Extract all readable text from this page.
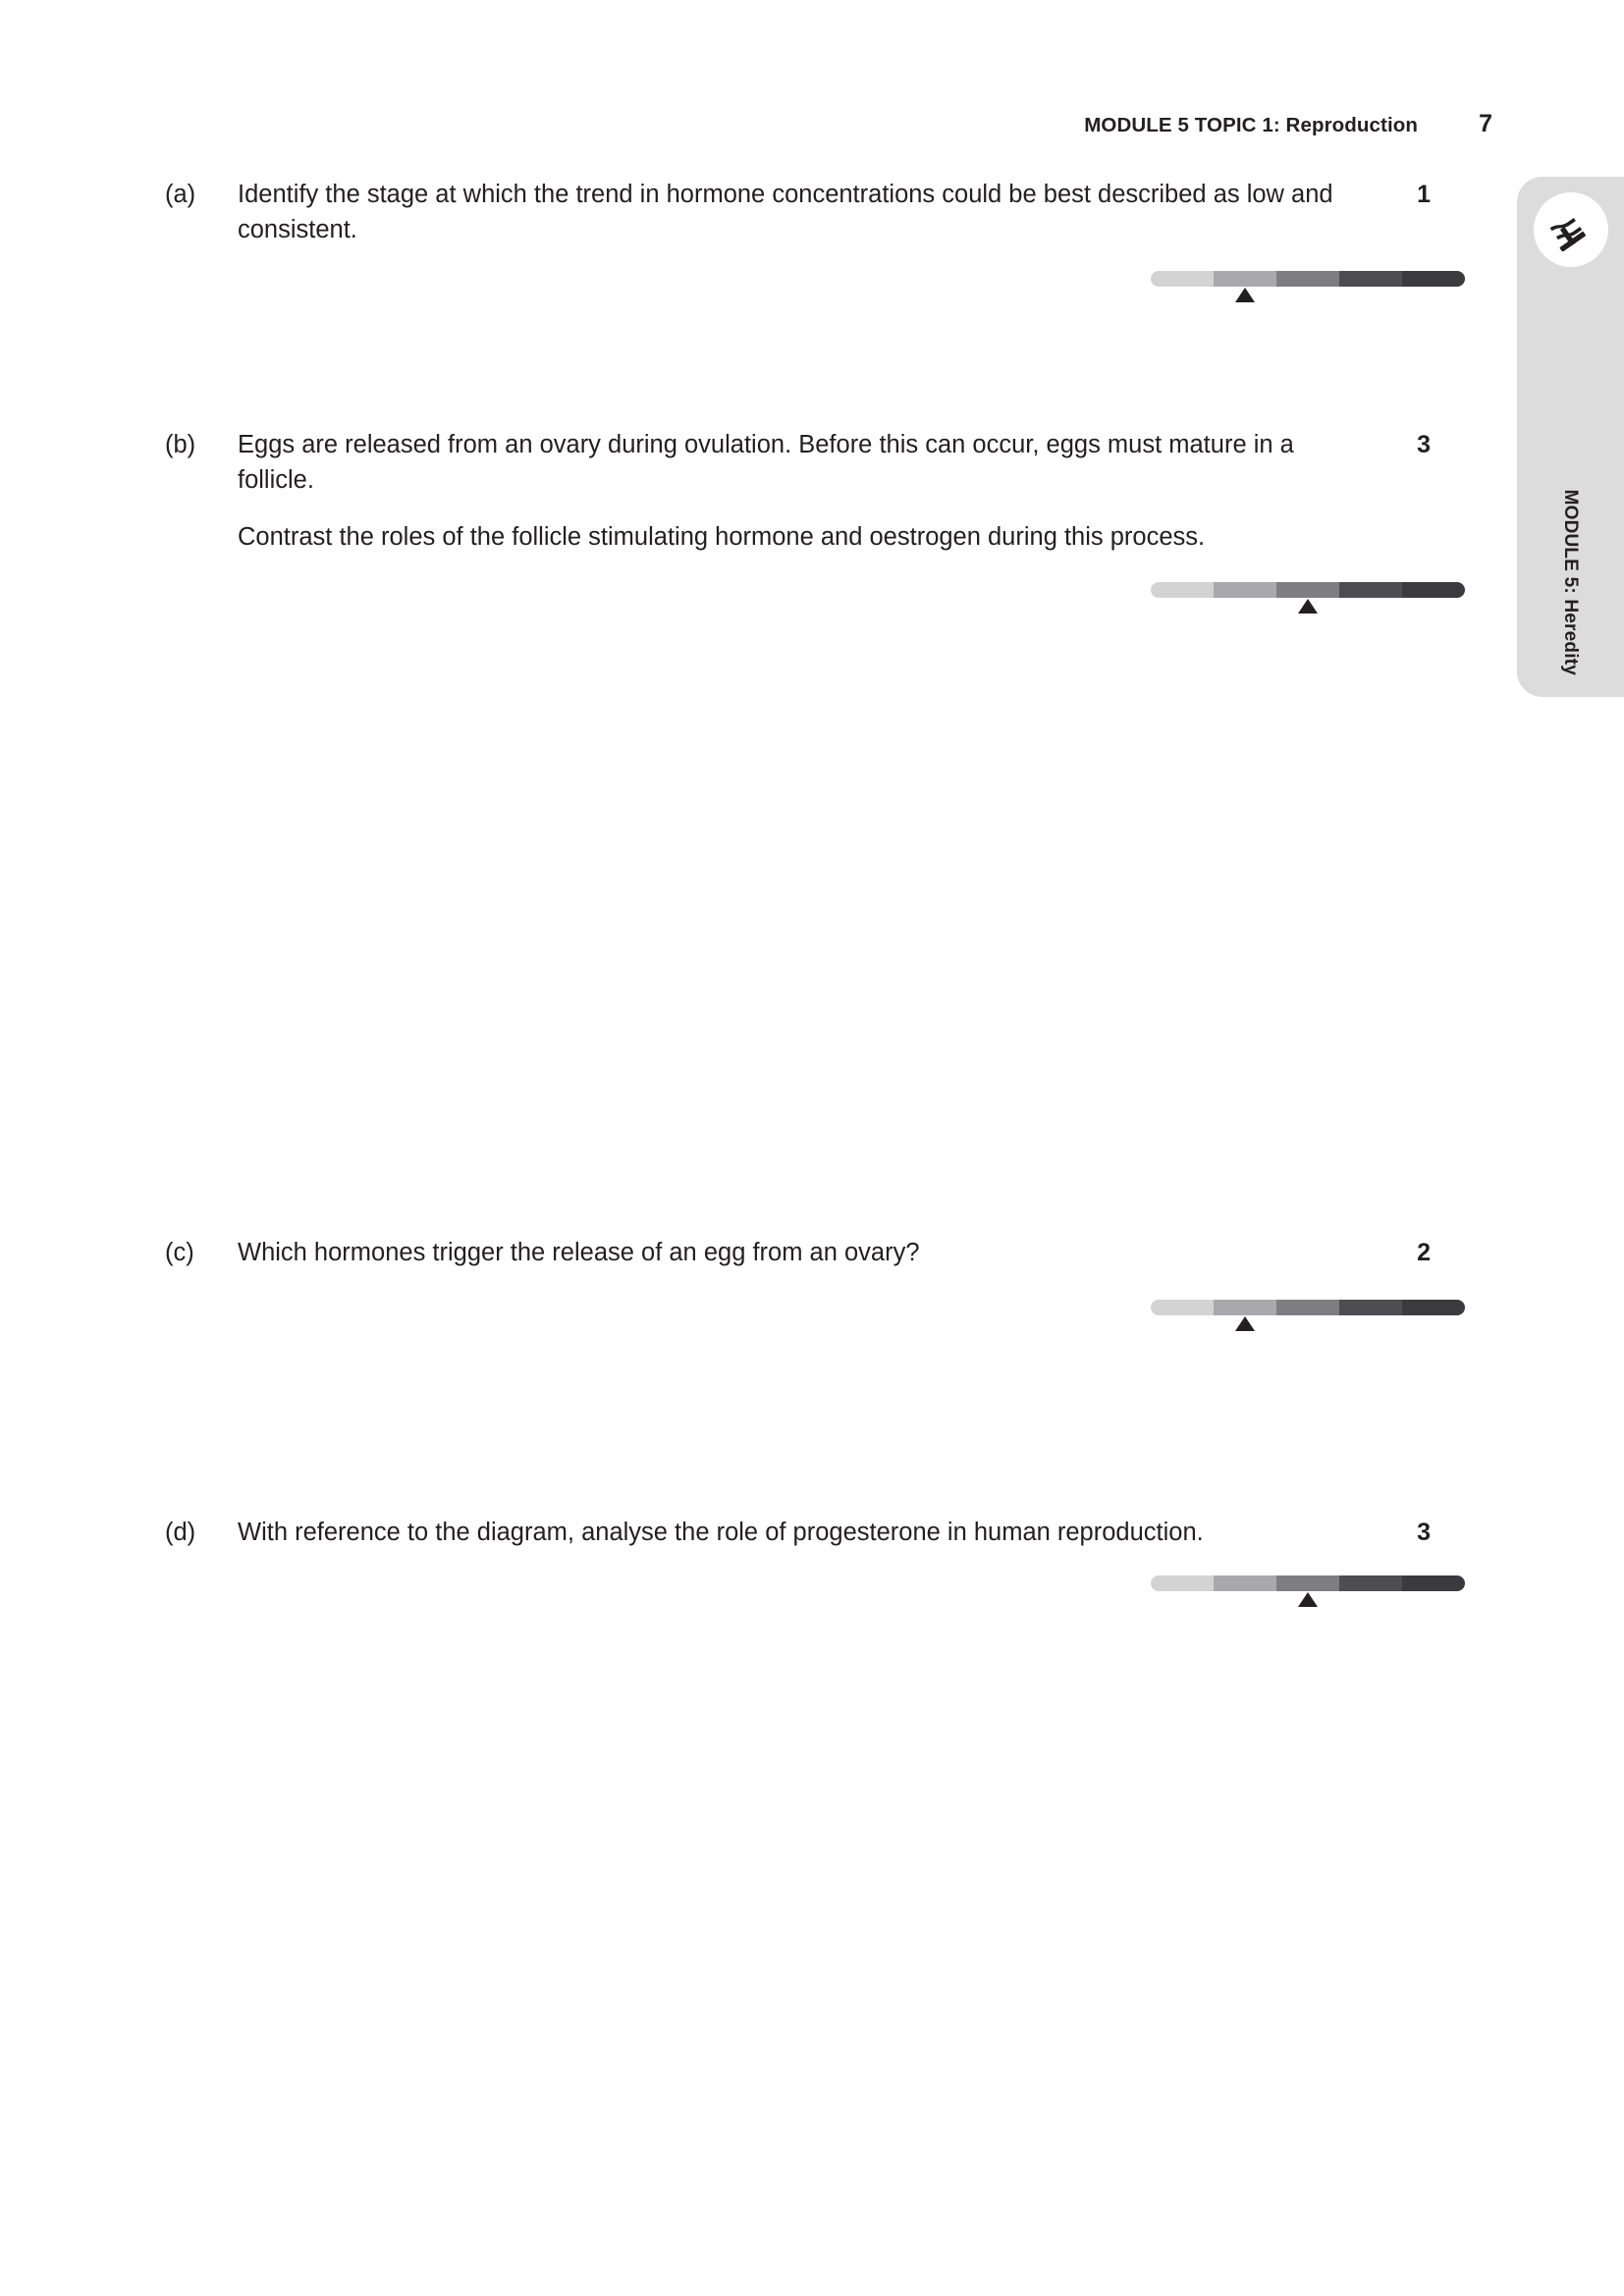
MODULE 5 TOPIC 1: Reproduction	7
MODULE 5: Heredity
(a)	Identify the stage at which the trend in hormone concentrations could be best described as low and consistent.
1
(b)	Eggs are released from an ovary during ovulation. Before this can occur, eggs must mature in a follicle.
Contrast the roles of the follicle stimulating hormone and oestrogen during this process.
3
(c)	Which hormones trigger the release of an egg from an ovary?	2
(d)	With reference to the diagram, analyse the role of progesterone in human reproduction.	3
